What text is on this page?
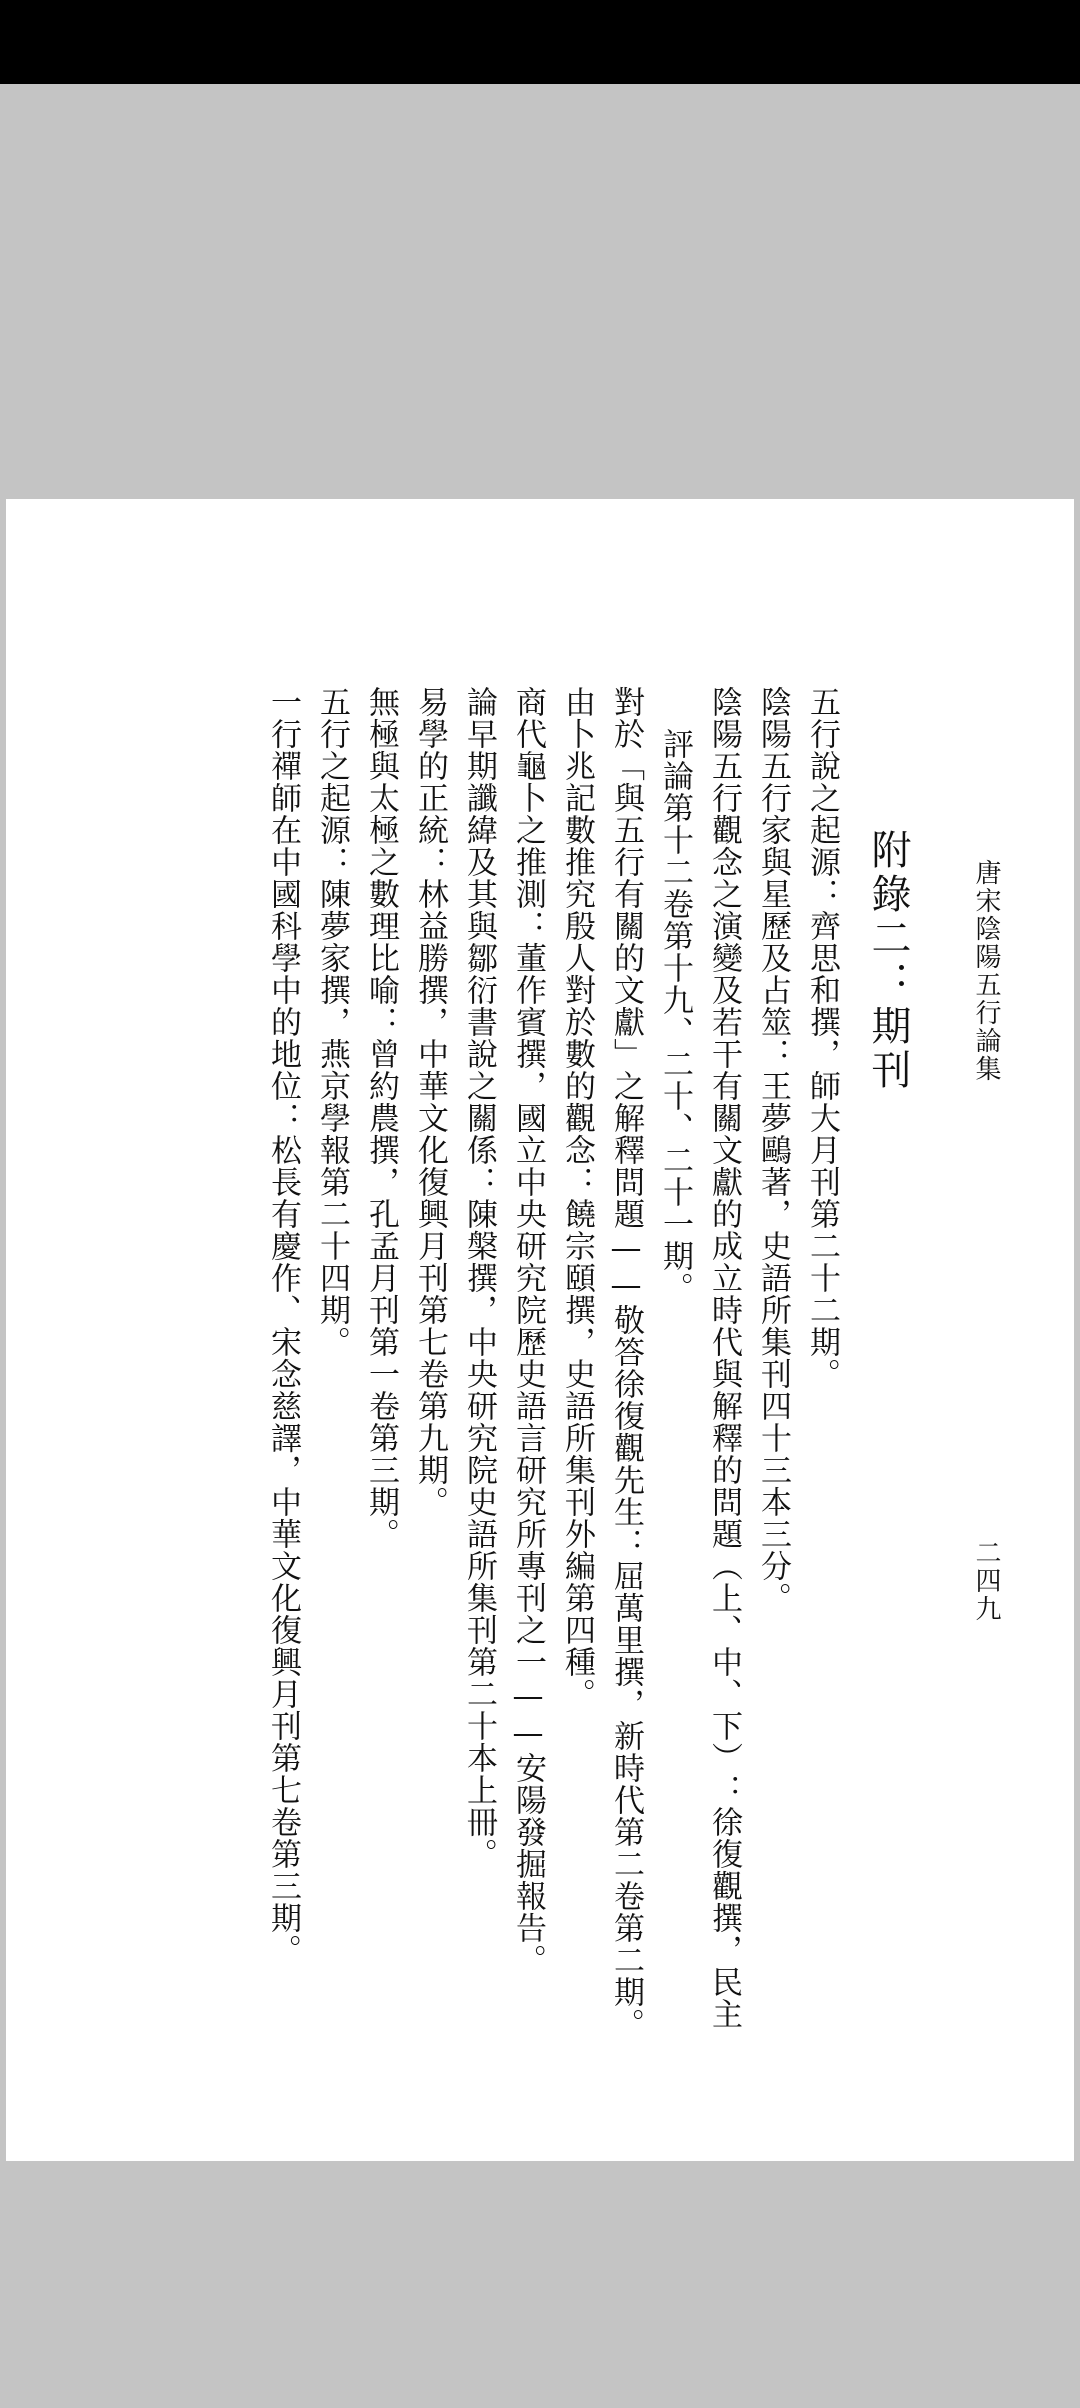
唐宋陰陽五行論集
二四九
附錄二：期刊
五行說之起源：齊思和撰，師大月刊第二十二期。
陰陽五行家與星歷及占筮：王夢鷗著，史語所集刊四十三本三分。
陰陽五行觀念之演變及若干有關文獻的成立時代與解釋的問題（上、中、下）：徐復觀撰，民主
評論第十二卷第十九、二十、二十一期。
對於「與五行有關的文獻」之解釋問題——敬答徐復觀先生：屈萬里撰，新時代第二卷第二期。
由卜兆記數推究殷人對於數的觀念：饒宗頤撰，史語所集刊外編第四種。
商代龜卜之推測：董作賓撰，國立中央研究院歷史語言研究所專刊之一——安陽發掘報告。
論早期讖緯及其與鄒衍書說之關係：陳槃撰，中央研究院史語所集刊第二十本上冊。
易學的正統：林益勝撰，中華文化復興月刊第七卷第九期。
無極與太極之數理比喻：曾約農撰，孔孟月刊第一卷第三期。
五行之起源：陳夢家撰，燕京學報第二十四期。
一行禪師在中國科學中的地位：松長有慶作、宋念慈譯，中華文化復興月刊第七卷第三期。
